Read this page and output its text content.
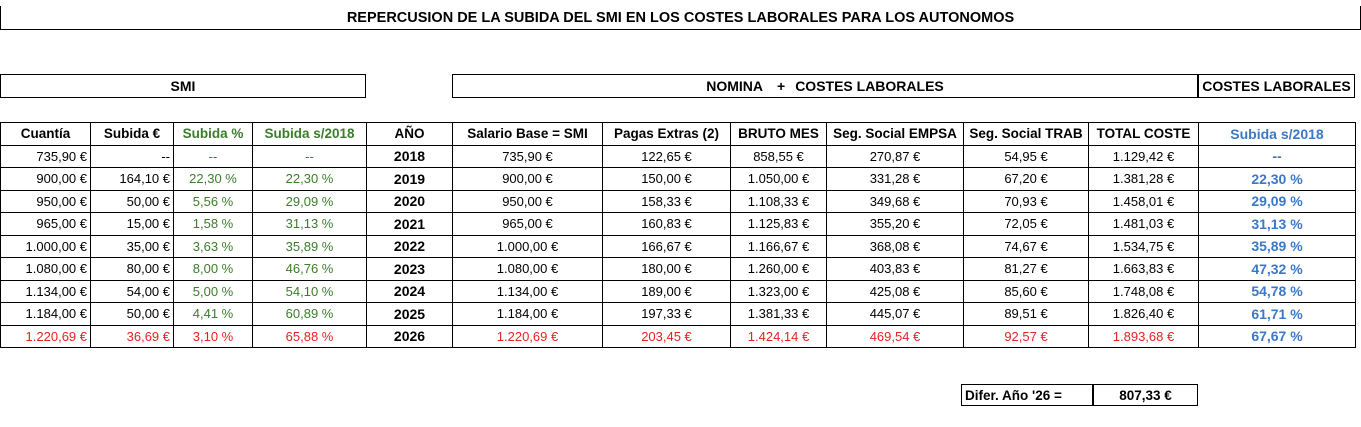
REPERCUSION DE LA SUBIDA DEL SMI EN LOS COSTES LABORALES PARA LOS AUTONOMOS
SMI	NOMINA + COSTES LABORALES	COSTES LABORALES
Cuantía	Subida €	Subida %	Subida s/2018	AÑO	Salario Base = SMI	Pagas Extras (2)	BRUTO MES	Seg. Social EMPSA	Seg. Social TRAB	TOTAL COSTE	Subida s/2018
735,90 €	--	--	--	2018	735,90 €	122,65 €	858,55 €	270,87 €	54,95 €	1.129,42 €	--
900,00 €	164,10 €	22,30 %	22,30 %	2019	900,00 €	150,00 €	1.050,00 €	331,28 €	67,20 €	1.381,28 €	22,30 %
950,00 €	50,00 €	5,56 %	29,09 %	2020	950,00 €	158,33 €	1.108,33 €	349,68 €	70,93 €	1.458,01 €	29,09 %
965,00 €	15,00 €	1,58 %	31,13 %	2021	965,00 €	160,83 €	1.125,83 €	355,20 €	72,05 €	1.481,03 €	31,13 %
1.000,00 €	35,00 €	3,63 %	35,89 %	2022	1.000,00 €	166,67 €	1.166,67 €	368,08 €	74,67 €	1.534,75 €	35,89 %
1.080,00 €	80,00 €	8,00 %	46,76 %	2023	1.080,00 €	180,00 €	1.260,00 €	403,83 €	81,27 €	1.663,83 €	47,32 %
1.134,00 €	54,00 €	5,00 %	54,10 %	2024	1.134,00 €	189,00 €	1.323,00 €	425,08 €	85,60 €	1.748,08 €	54,78 %
1.184,00 €	50,00 €	4,41 %	60,89 %	2025	1.184,00 €	197,33 €	1.381,33 €	445,07 €	89,51 €	1.826,40 €	61,71 %
1.220,69 €	36,69 €	3,10 %	65,88 %	2026	1.220,69 €	203,45 €	1.424,14 €	469,54 €	92,57 €	1.893,68 €	67,67 %
Difer. Año '26 =	807,33 €
